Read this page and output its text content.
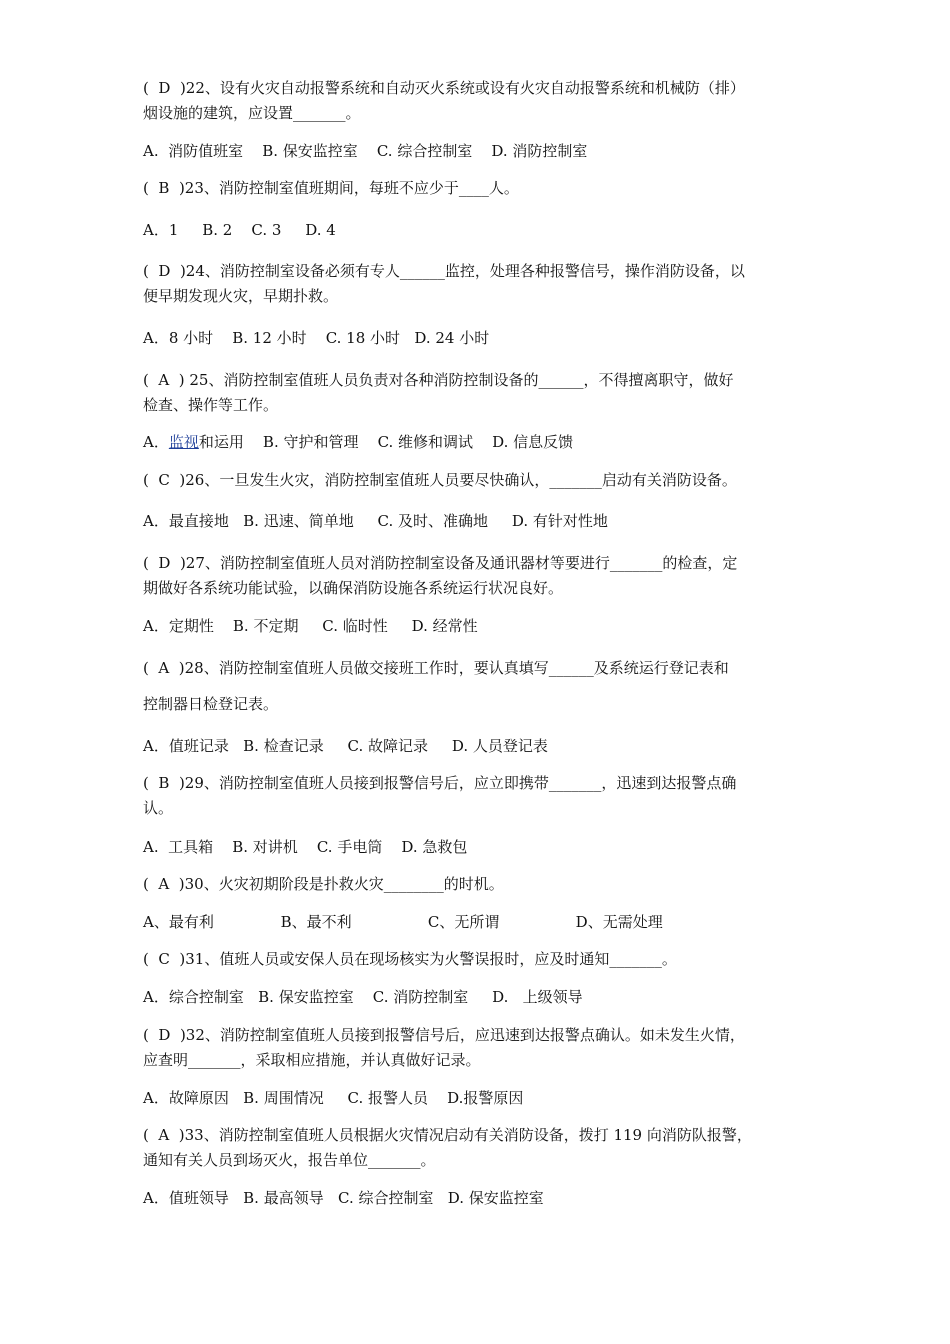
(  D  )22、设有火灾自动报警系统和自动灭火系统或设有火灾自动报警系统和机械防（排）
烟设施的建筑，应设置_______。
A.  消防值班室    B. 保安监控室    C. 综合控制室    D. 消防控制室
(  B  )23、消防控制室值班期间，每班不应少于____人。
A．1     B. 2    C. 3     D. 4
(  D  )24、消防控制室设备必须有专人______监控，处理各种报警信号，操作消防设备，以
便早期发现火灾，早期扑救。
A．8 小时    B. 12 小时    C. 18 小时   D. 24 小时
(  A  ) 25、消防控制室值班人员负责对各种消防控制设备的______，不得擅离职守，做好
检查、操作等工作。
A．监视和运用    B. 守护和管理    C. 维修和调试    D. 信息反馈
(  C  )26、一旦发生火灾，消防控制室值班人员要尽快确认，_______启动有关消防设备。
A．最直接地   B. 迅速、简单地     C. 及时、准确地     D. 有针对性地
(  D  )27、消防控制室值班人员对消防控制室设备及通讯器材等要进行_______的检查，定
期做好各系统功能试验，以确保消防设施各系统运行状况良好。
A．定期性    B. 不定期     C. 临时性     D. 经常性
(  A  )28、消防控制室值班人员做交接班工作时，要认真填写______及系统运行登记表和
控制器日检登记表。
A．值班记录   B. 检查记录     C. 故障记录     D. 人员登记表
(  B  )29、消防控制室值班人员接到报警信号后，应立即携带_______，迅速到达报警点确
认。
A.  工具箱    B. 对讲机    C. 手电筒    D. 急救包
(  A  )30、火灾初期阶段是扑救火灾________的时机。
A、最有利              B、最不利                C、无所谓                D、无需处理
(  C  )31、值班人员或安保人员在现场核实为火警误报时，应及时通知_______。
A．综合控制室   B. 保安监控室    C. 消防控制室     D.   上级领导
(  D  )32、消防控制室值班人员接到报警信号后，应迅速到达报警点确认。如未发生火情，
应查明_______，采取相应措施，并认真做好记录。
A．故障原因   B. 周围情况     C. 报警人员    D.报警原因
(  A  )33、消防控制室值班人员根据火灾情况启动有关消防设备，拨打 119 向消防队报警，
通知有关人员到场灭火，报告单位_______。
A．值班领导   B. 最高领导   C. 综合控制室   D. 保安监控室
